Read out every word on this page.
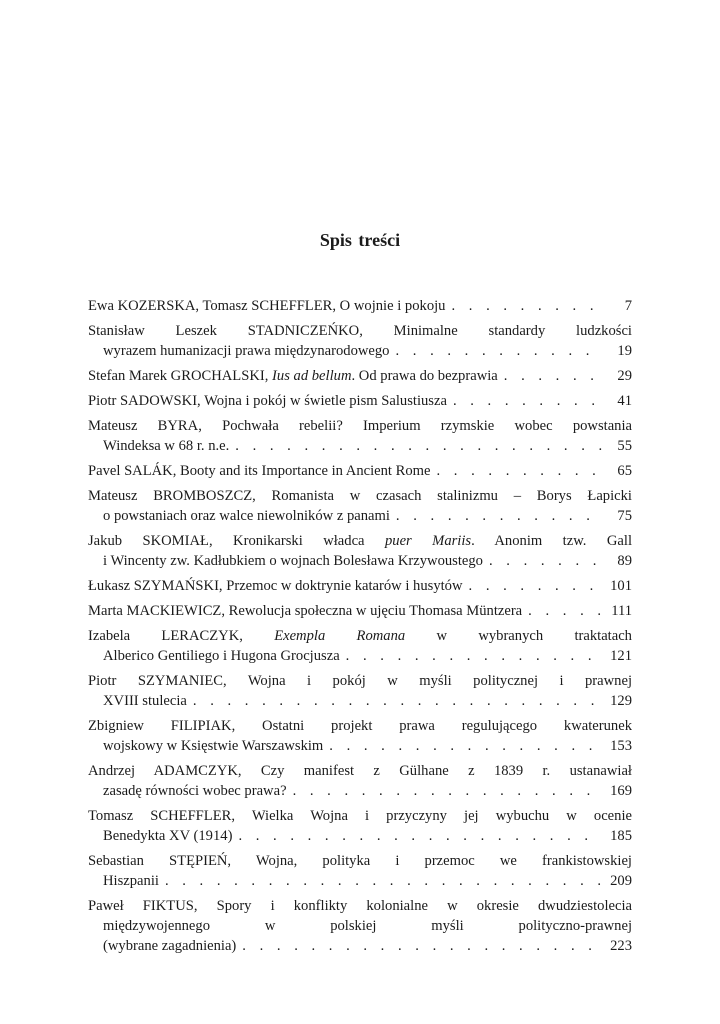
Spis treści
Ewa KOZERSKA, Tomasz SCHEFFLER, O wojnie i pokoju . . .	7
Stanisław Leszek STADNICZEŃKO, Minimalne standardy ludzkości
wyrazem humanizacji prawa międzynarodowego . . .	19
Stefan Marek GROCHALSKI, Ius ad bellum. Od prawa do bezprawia . . .	29
Piotr SADOWSKI, Wojna i pokój w świetle pism Salustiusza . . .	41
Mateusz BYRA, Pochwała rebelii? Imperium rzymskie wobec powstania
Windeksa w 68 r. n.e. . . .	55
Pavel SALÁK, Booty and its Importance in Ancient Rome . . .	65
Mateusz BROMBOSZCZ, Romanista w czasach stalinizmu – Borys Łapicki
o powstaniach oraz walce niewolników z panami . . .	75
Jakub SKOMIAŁ, Kronikarski władca puer Mariis. Anonim tzw. Gall
i Wincenty zw. Kadłubkiem o wojnach Bolesława Krzywoustego . . .	89
Łukasz SZYMAŃSKI, Przemoc w doktrynie katarów i husytów . . .	101
Marta MACKIEWICZ, Rewolucja społeczna w ujęciu Thomasa Müntzera . . .	111
Izabela LERACZYK, Exempla Romana w wybranych traktatach
Alberico Gentiliego i Hugona Grocjusza . . .	121
Piotr SZYMANIEC, Wojna i pokój w myśli politycznej i prawnej
XVIII stulecia . . .	129
Zbigniew FILIPIAK, Ostatni projekt prawa regulującego kwaterunek
wojskowy w Księstwie Warszawskim . . .	153
Andrzej ADAMCZYK, Czy manifest z Gülhane z 1839 r. ustanawiał
zasadę równości wobec prawa? . . .	169
Tomasz SCHEFFLER, Wielka Wojna i przyczyny jej wybuchu w ocenie
Benedykta XV (1914) . . .	185
Sebastian STĘPIEŃ, Wojna, polityka i przemoc we frankistowskiej
Hiszpanii . . .	209
Paweł FIKTUS, Spory i konflikty kolonialne w okresie dwudziestolecia
międzywojennego w polskiej myśli polityczno-prawnej
(wybrane zagadnienia) . . .	223
